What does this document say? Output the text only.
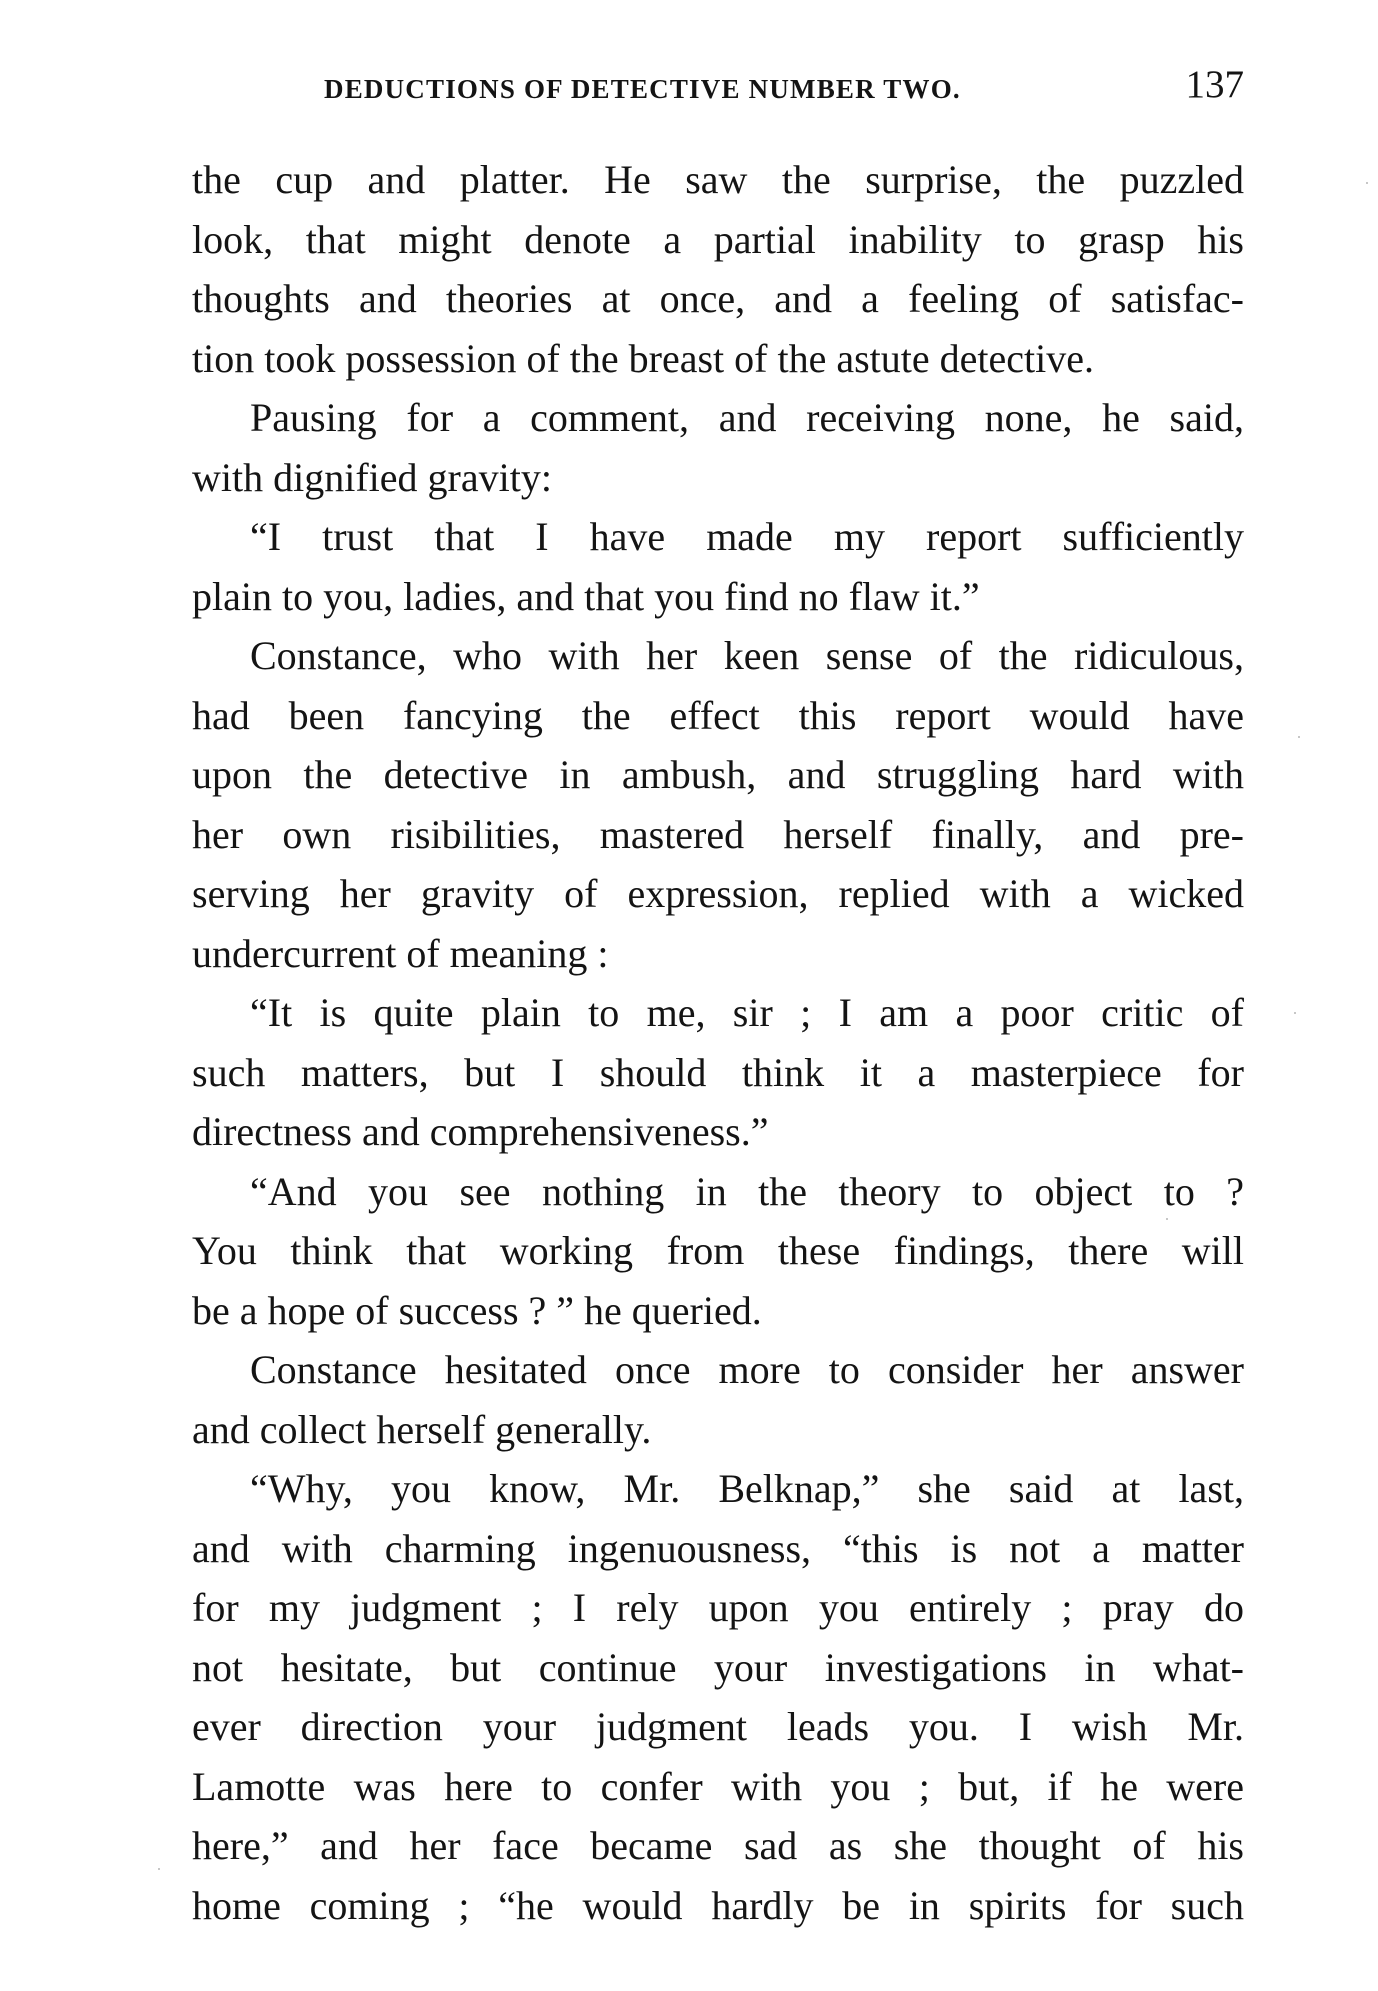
DEDUCTIONS OF DETECTIVE NUMBER TWO.	137
the cup and platter. He saw the surprise, the puzzled
look, that might denote a partial inability to grasp his
thoughts and theories at once, and a feeling of satisfac-
tion took possession of the breast of the astute detective.
Pausing for a comment, and receiving none, he said,
with dignified gravity:
“I trust that I have made my report sufficiently
plain to you, ladies, and that you find no flaw it.”
Constance, who with her keen sense of the ridiculous,
had been fancying the effect this report would have
upon the detective in ambush, and struggling hard with
her own risibilities, mastered herself finally, and pre-
serving her gravity of expression, replied with a wicked
undercurrent of meaning :
“It is quite plain to me, sir ; I am a poor critic of
such matters, but I should think it a masterpiece for
directness and comprehensiveness.”
“And you see nothing in the theory to object to ?
You think that working from these findings, there will
be a hope of success ? ” he queried.
Constance hesitated once more to consider her answer
and collect herself generally.
“Why, you know, Mr. Belknap,” she said at last,
and with charming ingenuousness, “this is not a matter
for my judgment ; I rely upon you entirely ; pray do
not hesitate, but continue your investigations in what-
ever direction your judgment leads you. I wish Mr.
Lamotte was here to confer with you ; but, if he were
here,” and her face became sad as she thought of his
home coming ; “he would hardly be in spirits for such
